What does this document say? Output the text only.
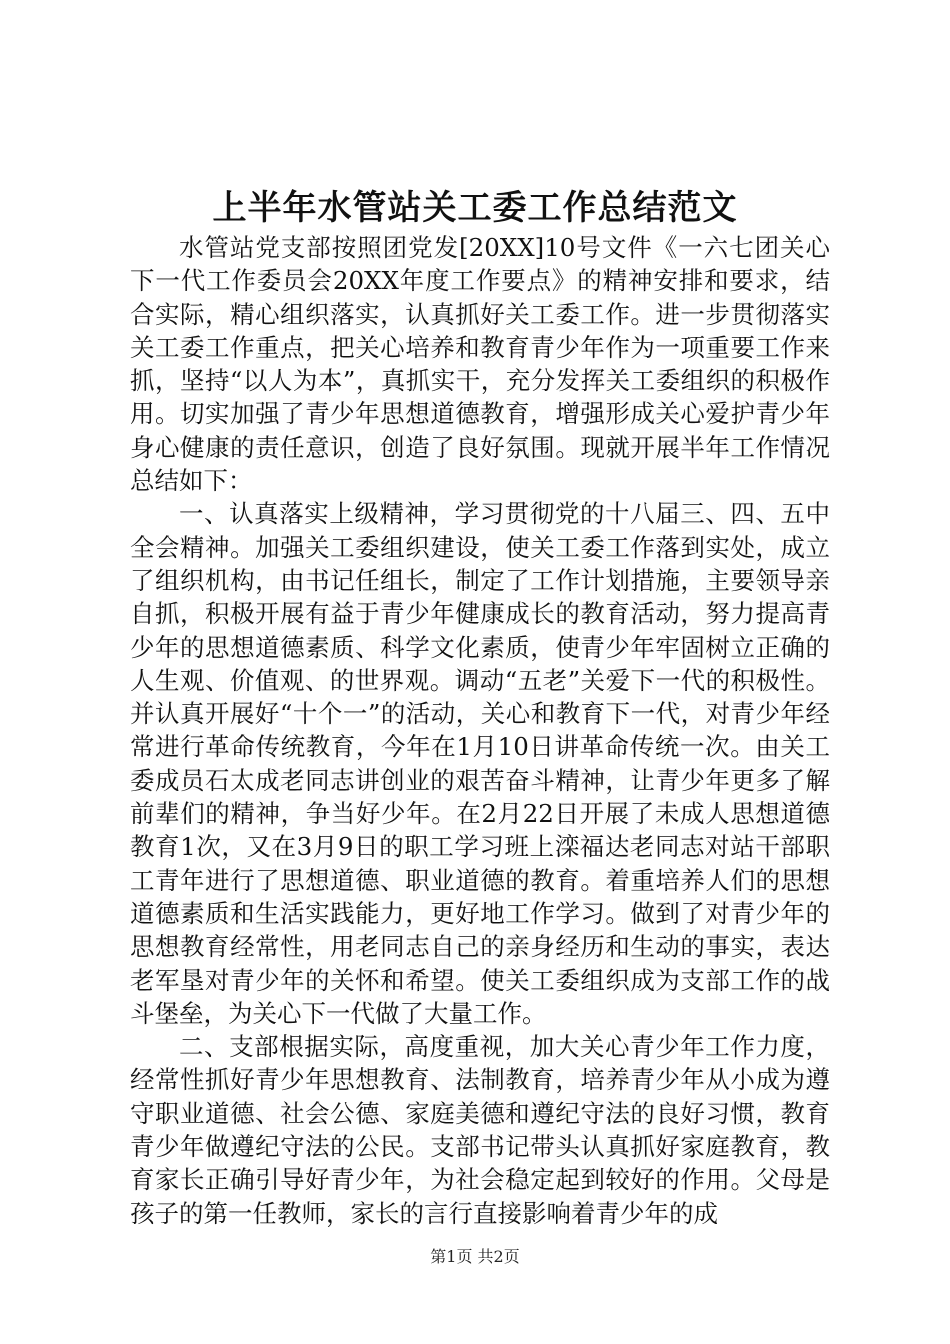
上半年水管站关工委工作总结范文

水管站党支部按照团党发[20XX]10号文件《一六七团关心下一代工作委员会20XX年度工作要点》的精神安排和要求，结合实际，精心组织落实，认真抓好关工委工作。进一步贯彻落实关工委工作重点，把关心培养和教育青少年作为一项重要工作来抓，坚持“以人为本”，真抓实干，充分发挥关工委组织的积极作用。切实加强了青少年思想道德教育，增强形成关心爱护青少年身心健康的责任意识，创造了良好氛围。现就开展半年工作情况总结如下：

一、认真落实上级精神，学习贯彻党的十八届三、四、五中全会精神。加强关工委组织建设，使关工委工作落到实处，成立了组织机构，由书记任组长，制定了工作计划措施，主要领导亲自抓，积极开展有益于青少年健康成长的教育活动，努力提高青少年的思想道德素质、科学文化素质，使青少年牢固树立正确的人生观、价值观、的世界观。调动“五老”关爱下一代的积极性。并认真开展好“十个一”的活动，关心和教育下一代，对青少年经常进行革命传统教育，今年在1月10日讲革命传统一次。由关工委成员石太成老同志讲创业的艰苦奋斗精神，让青少年更多了解前辈们的精神，争当好少年。在2月22日开展了未成人思想道德教育1次，又在3月9日的职工学习班上滦福达老同志对站干部职工青年进行了思想道德、职业道德的教育。着重培养人们的思想道德素质和生活实践能力，更好地工作学习。做到了对青少年的思想教育经常性，用老同志自己的亲身经历和生动的事实，表达老军垦对青少年的关怀和希望。使关工委组织成为支部工作的战斗堡垒，为关心下一代做了大量工作。

二、支部根据实际，高度重视，加大关心青少年工作力度，经常性抓好青少年思想教育、法制教育，培养青少年从小成为遵守职业道德、社会公德、家庭美德和遵纪守法的良好习惯，教育青少年做遵纪守法的公民。支部书记带头认真抓好家庭教育，教育家长正确引导好青少年，为社会稳定起到较好的作用。父母是孩子的第一任教师，家长的言行直接影响着青少年的成

第1页 共2页
